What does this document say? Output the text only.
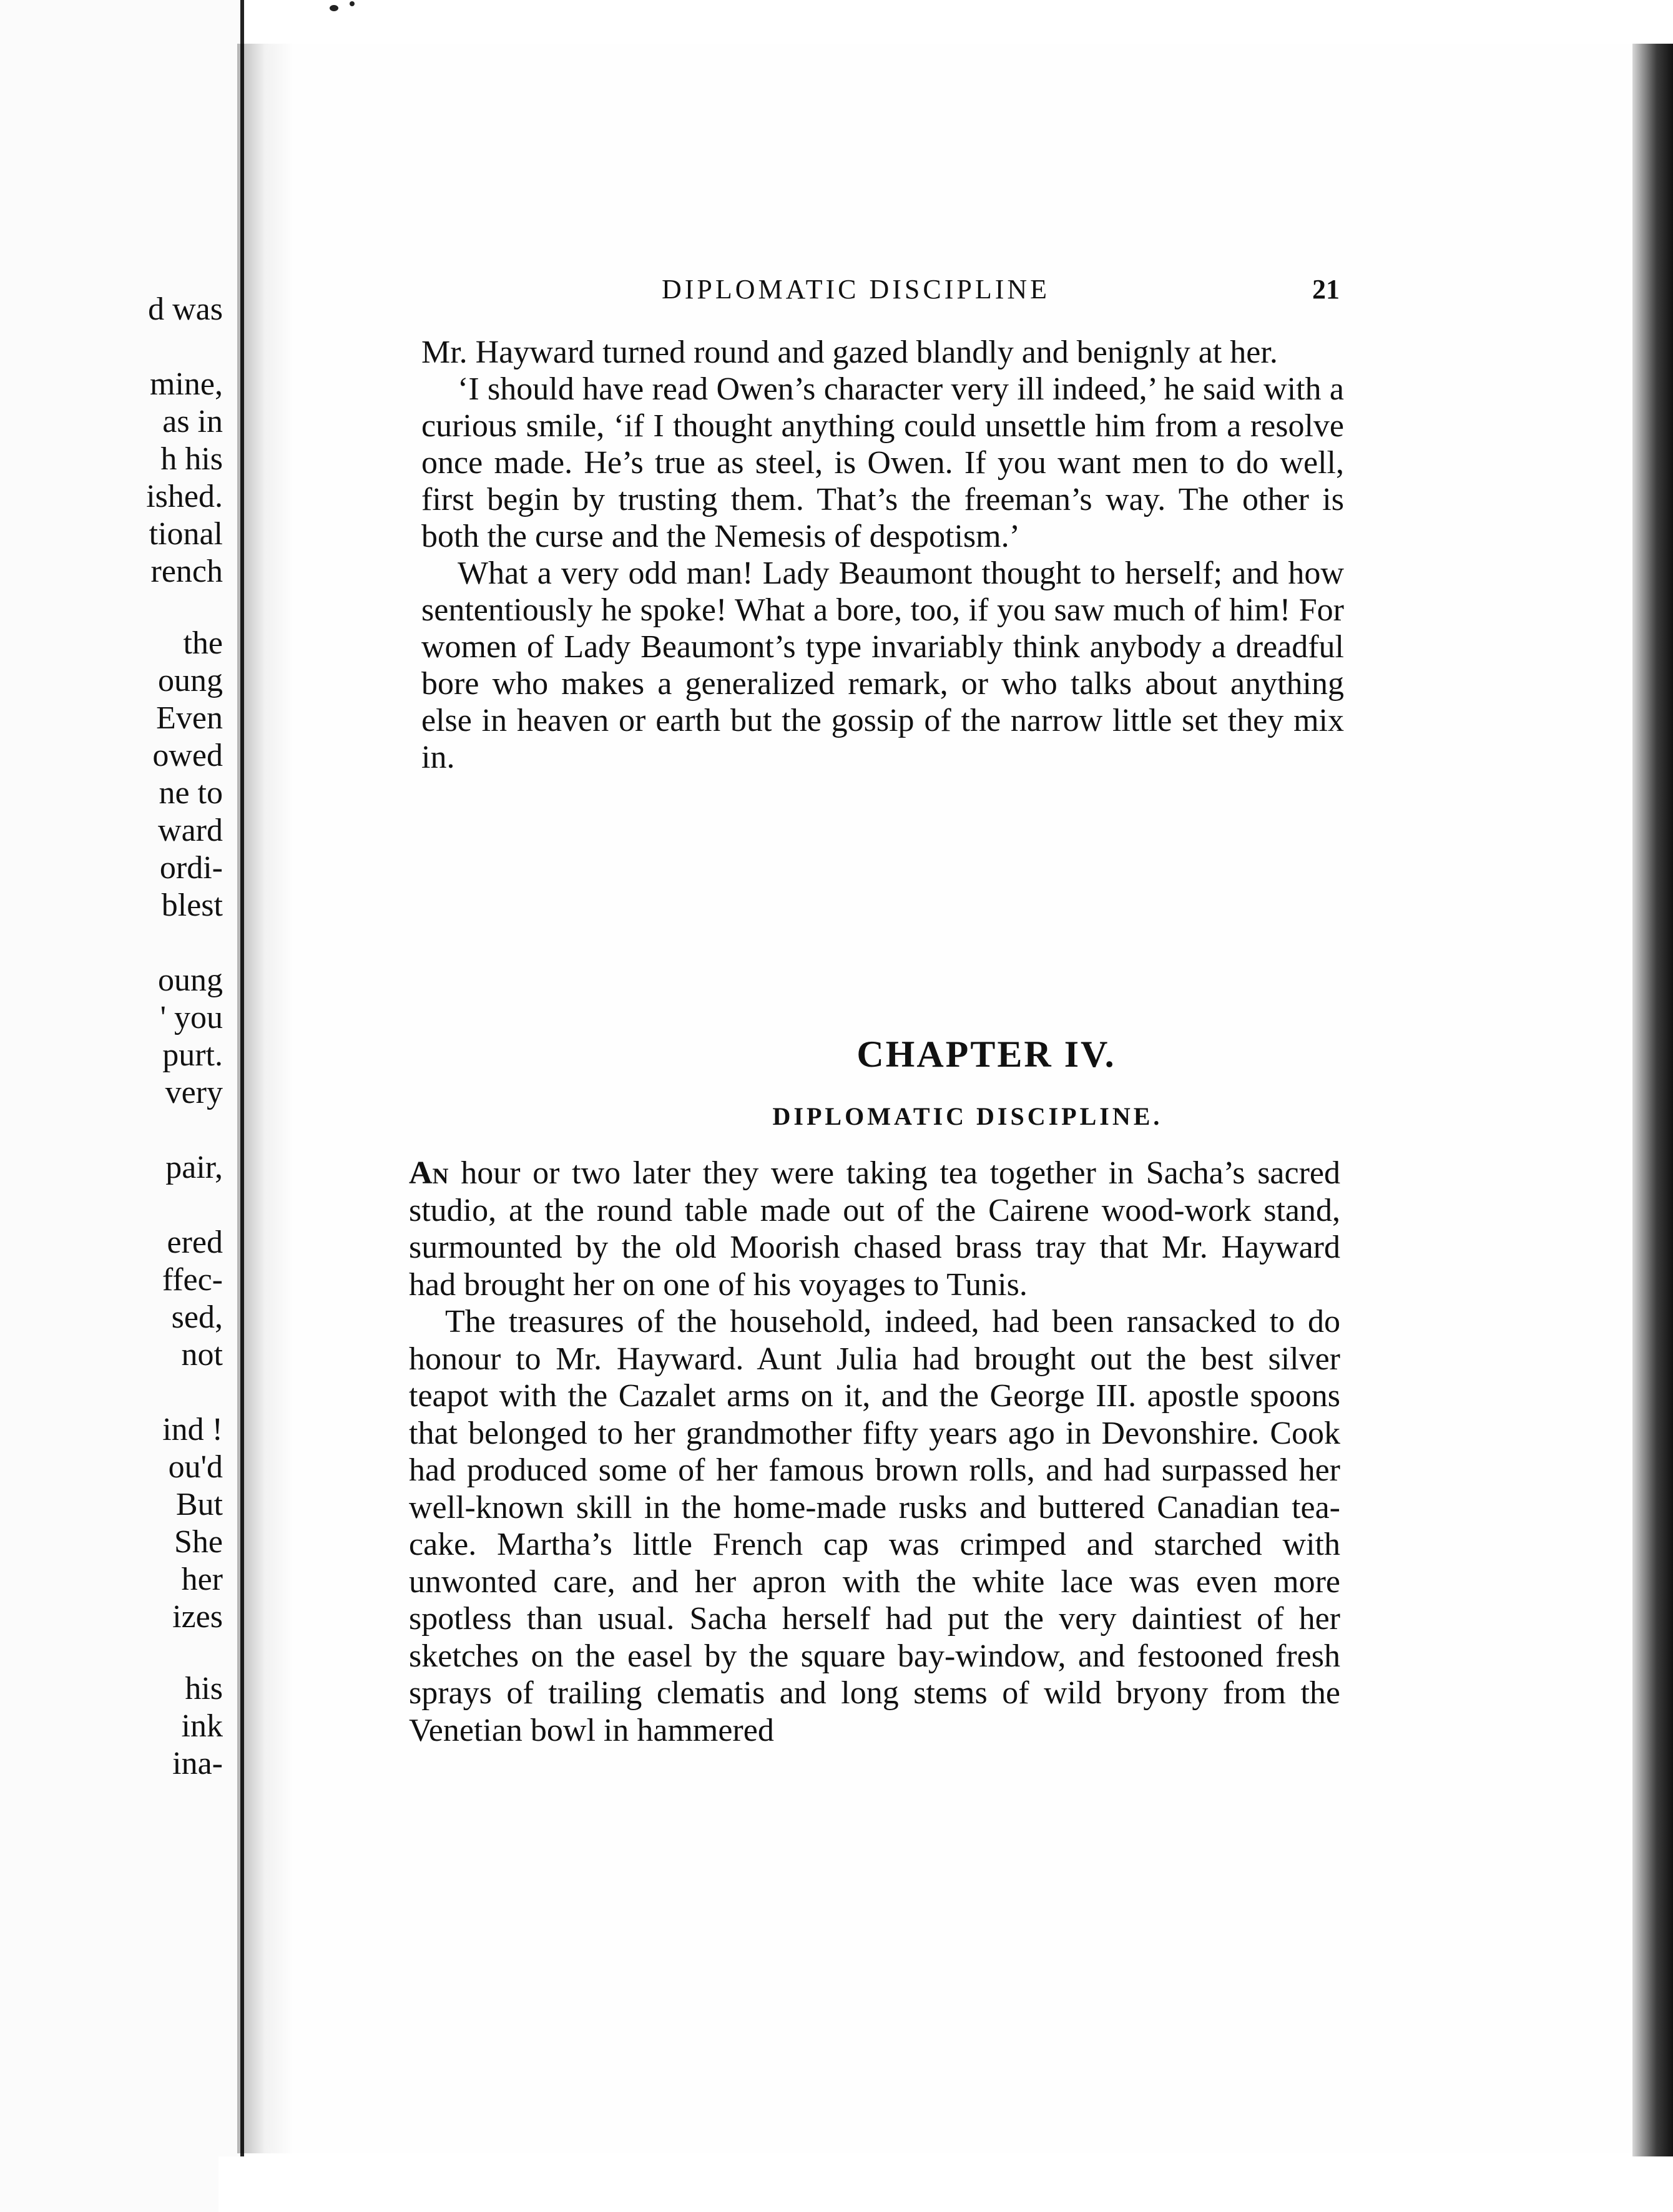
d was
mine,
as in
h his
ished.
tional
rench
the
oung
Even
owed
ne to
ward
ordi-
blest
oung
' you
purt.
very
pair,
ered
ffec-
sed,
not
ind !
ou'd
But
She
her
izes
his
ink
ina-
DIPLOMATIC DISCIPLINE	21

Mr. Hayward turned round and gazed blandly and benignly at her.

‘I should have read Owen’s character very ill indeed,’ he said with a curious smile, ‘if I thought anything could unsettle him from a resolve once made. He’s true as steel, is Owen. If you want men to do well, first begin by trusting them. That’s the freeman’s way. The other is both the curse and the Nemesis of despotism.’

What a very odd man! Lady Beaumont thought to herself; and how sententiously he spoke! What a bore, too, if you saw much of him! For women of Lady Beaumont’s type invariably think anybody a dreadful bore who makes a generalized remark, or who talks about anything else in heaven or earth but the gossip of the narrow little set they mix in.

CHAPTER IV.
DIPLOMATIC DISCIPLINE.

An hour or two later they were taking tea together in Sacha’s sacred studio, at the round table made out of the Cairene wood-work stand, surmounted by the old Moorish chased brass tray that Mr. Hayward had brought her on one of his voyages to Tunis.

The treasures of the household, indeed, had been ransacked to do honour to Mr. Hayward. Aunt Julia had brought out the best silver teapot with the Cazalet arms on it, and the George III. apostle spoons that belonged to her grandmother fifty years ago in Devonshire. Cook had produced some of her famous brown rolls, and had surpassed her well-known skill in the home-made rusks and buttered Canadian tea-cake. Martha’s little French cap was crimped and starched with unwonted care, and her apron with the white lace was even more spotless than usual. Sacha herself had put the very daintiest of her sketches on the easel by the square bay-window, and festooned fresh sprays of trailing clematis and long stems of wild bryony from the Venetian bowl in hammered
